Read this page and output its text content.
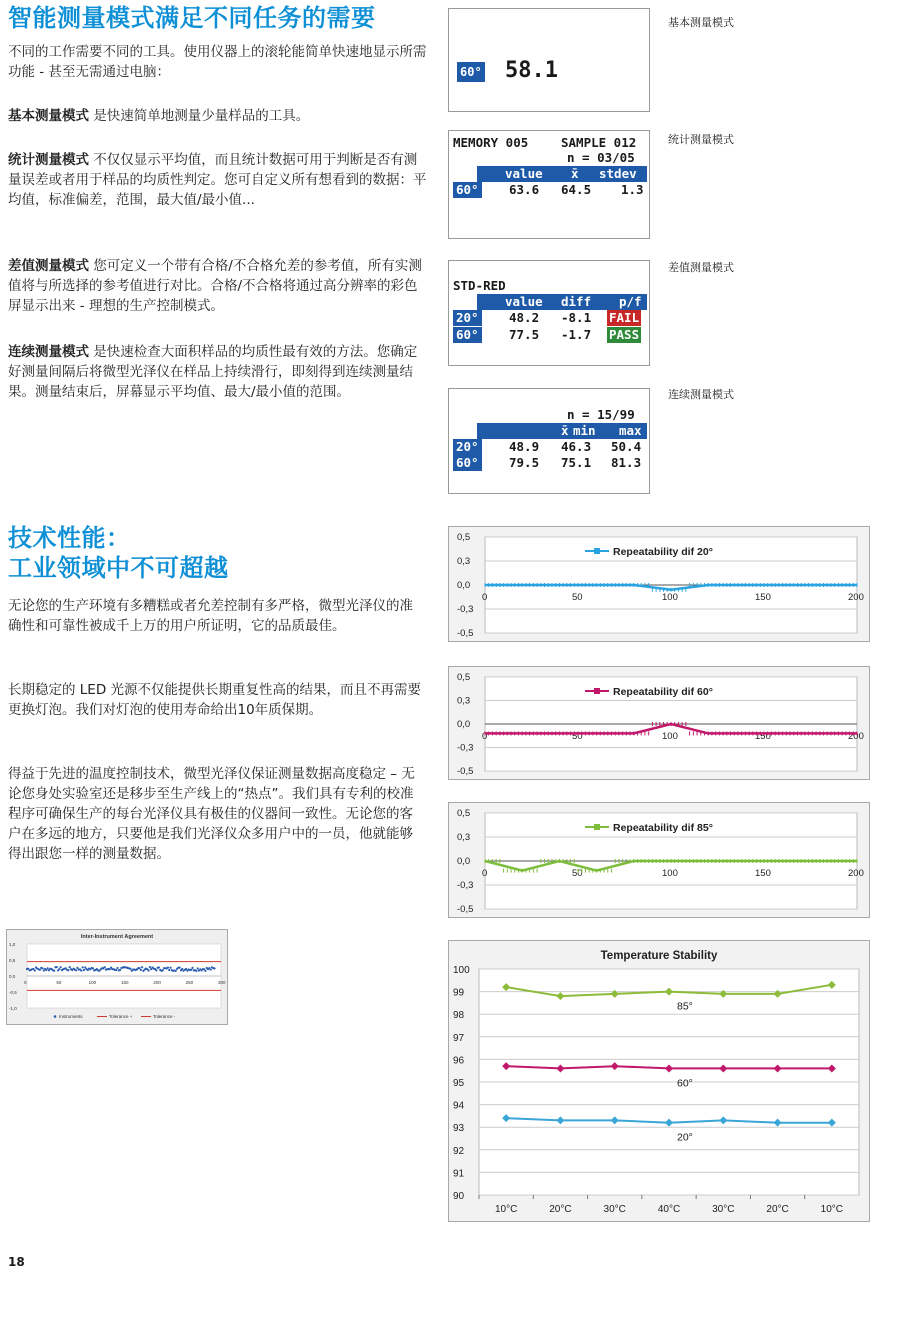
智能测量模式满足不同任务的需要

不同的工作需要不同的工具。使用仪器上的滚轮能简单快速地显示所需功能 - 甚至无需通过电脑：

基本测量模式 是快速简单地测量少量样品的工具。

统计测量模式 不仅仅显示平均值，而且统计数据可用于判断是否有测量误差或者用于样品的均质性判定。您可自定义所有想看到的数据：平均值，标准偏差，范围，最大值/最小值...

差值测量模式 您可定义一个带有合格/不合格允差的参考值，所有实测值将与所选择的参考值进行对比。合格/不合格将通过高分辨率的彩色屏显示出来 - 理想的生产控制模式。

连续测量模式 是快速检查大面积样品的均质性最有效的方法。您确定好测量间隔后将微型光泽仪在样品上持续滑行，即刻得到连续测量结果。测量结束后，屏幕显示平均值、最大/最小值的范围。

60° 58.1
基本测量模式
MEMORY 005	SAMPLE 012
n = 03/05
value x̄ stdev
60° 63.6 64.5 1.3
统计测量模式
STD-RED
value diff p/f
20° 48.2 -8.1 FAIL
60° 77.5 -1.7 PASS
差值测量模式
n = 15/99
x̄ min max
20° 48.9 46.3 50.4
60° 79.5 75.1 81.3
连续测量模式
技术性能：
工业领域中不可超越

无论您的生产环境有多糟糕或者允差控制有多严格，微型光泽仪的准确性和可靠性被成千上万的用户所证明，它的品质最佳。

长期稳定的 LED 光源不仅能提供长期重复性高的结果，而且不再需要更换灯泡。我们对灯泡的使用寿命给出10年质保期。

得益于先进的温度控制技术，微型光泽仪保证测量数据高度稳定 – 无论您身处实验室还是移步至生产线上的“热点”。我们具有专利的校准程序可确保生产的每台光泽仪具有极佳的仪器间一致性。无论您的客户在多远的地方，只要他是我们光泽仪众多用户中的一员，他就能够得出跟您一样的测量数据。

0,5
0,3
0,0
-0,3
-0,5
0	50	100	150	200
Repeatability dif 20°
0,5
0,3
0,0
-0,3
-0,5
0	50	100	150	200
Repeatability dif 60°
0,5
0,3
0,0
-0,3
-0,5
0	50	100	150	200
Repeatability dif 85°
Temperature Stability
100
99
98
97
96
95
94
93
92
91
90
10°C	20°C	30°C	40°C	30°C	20°C	10°C
85°
60°
20°
Inter-Instrument Agreement
1,0
0,5
0,0
-0,5
-1,0
0	50	100	150	200	250	300
Instruments	Tolerance +	Tolerance -
18
